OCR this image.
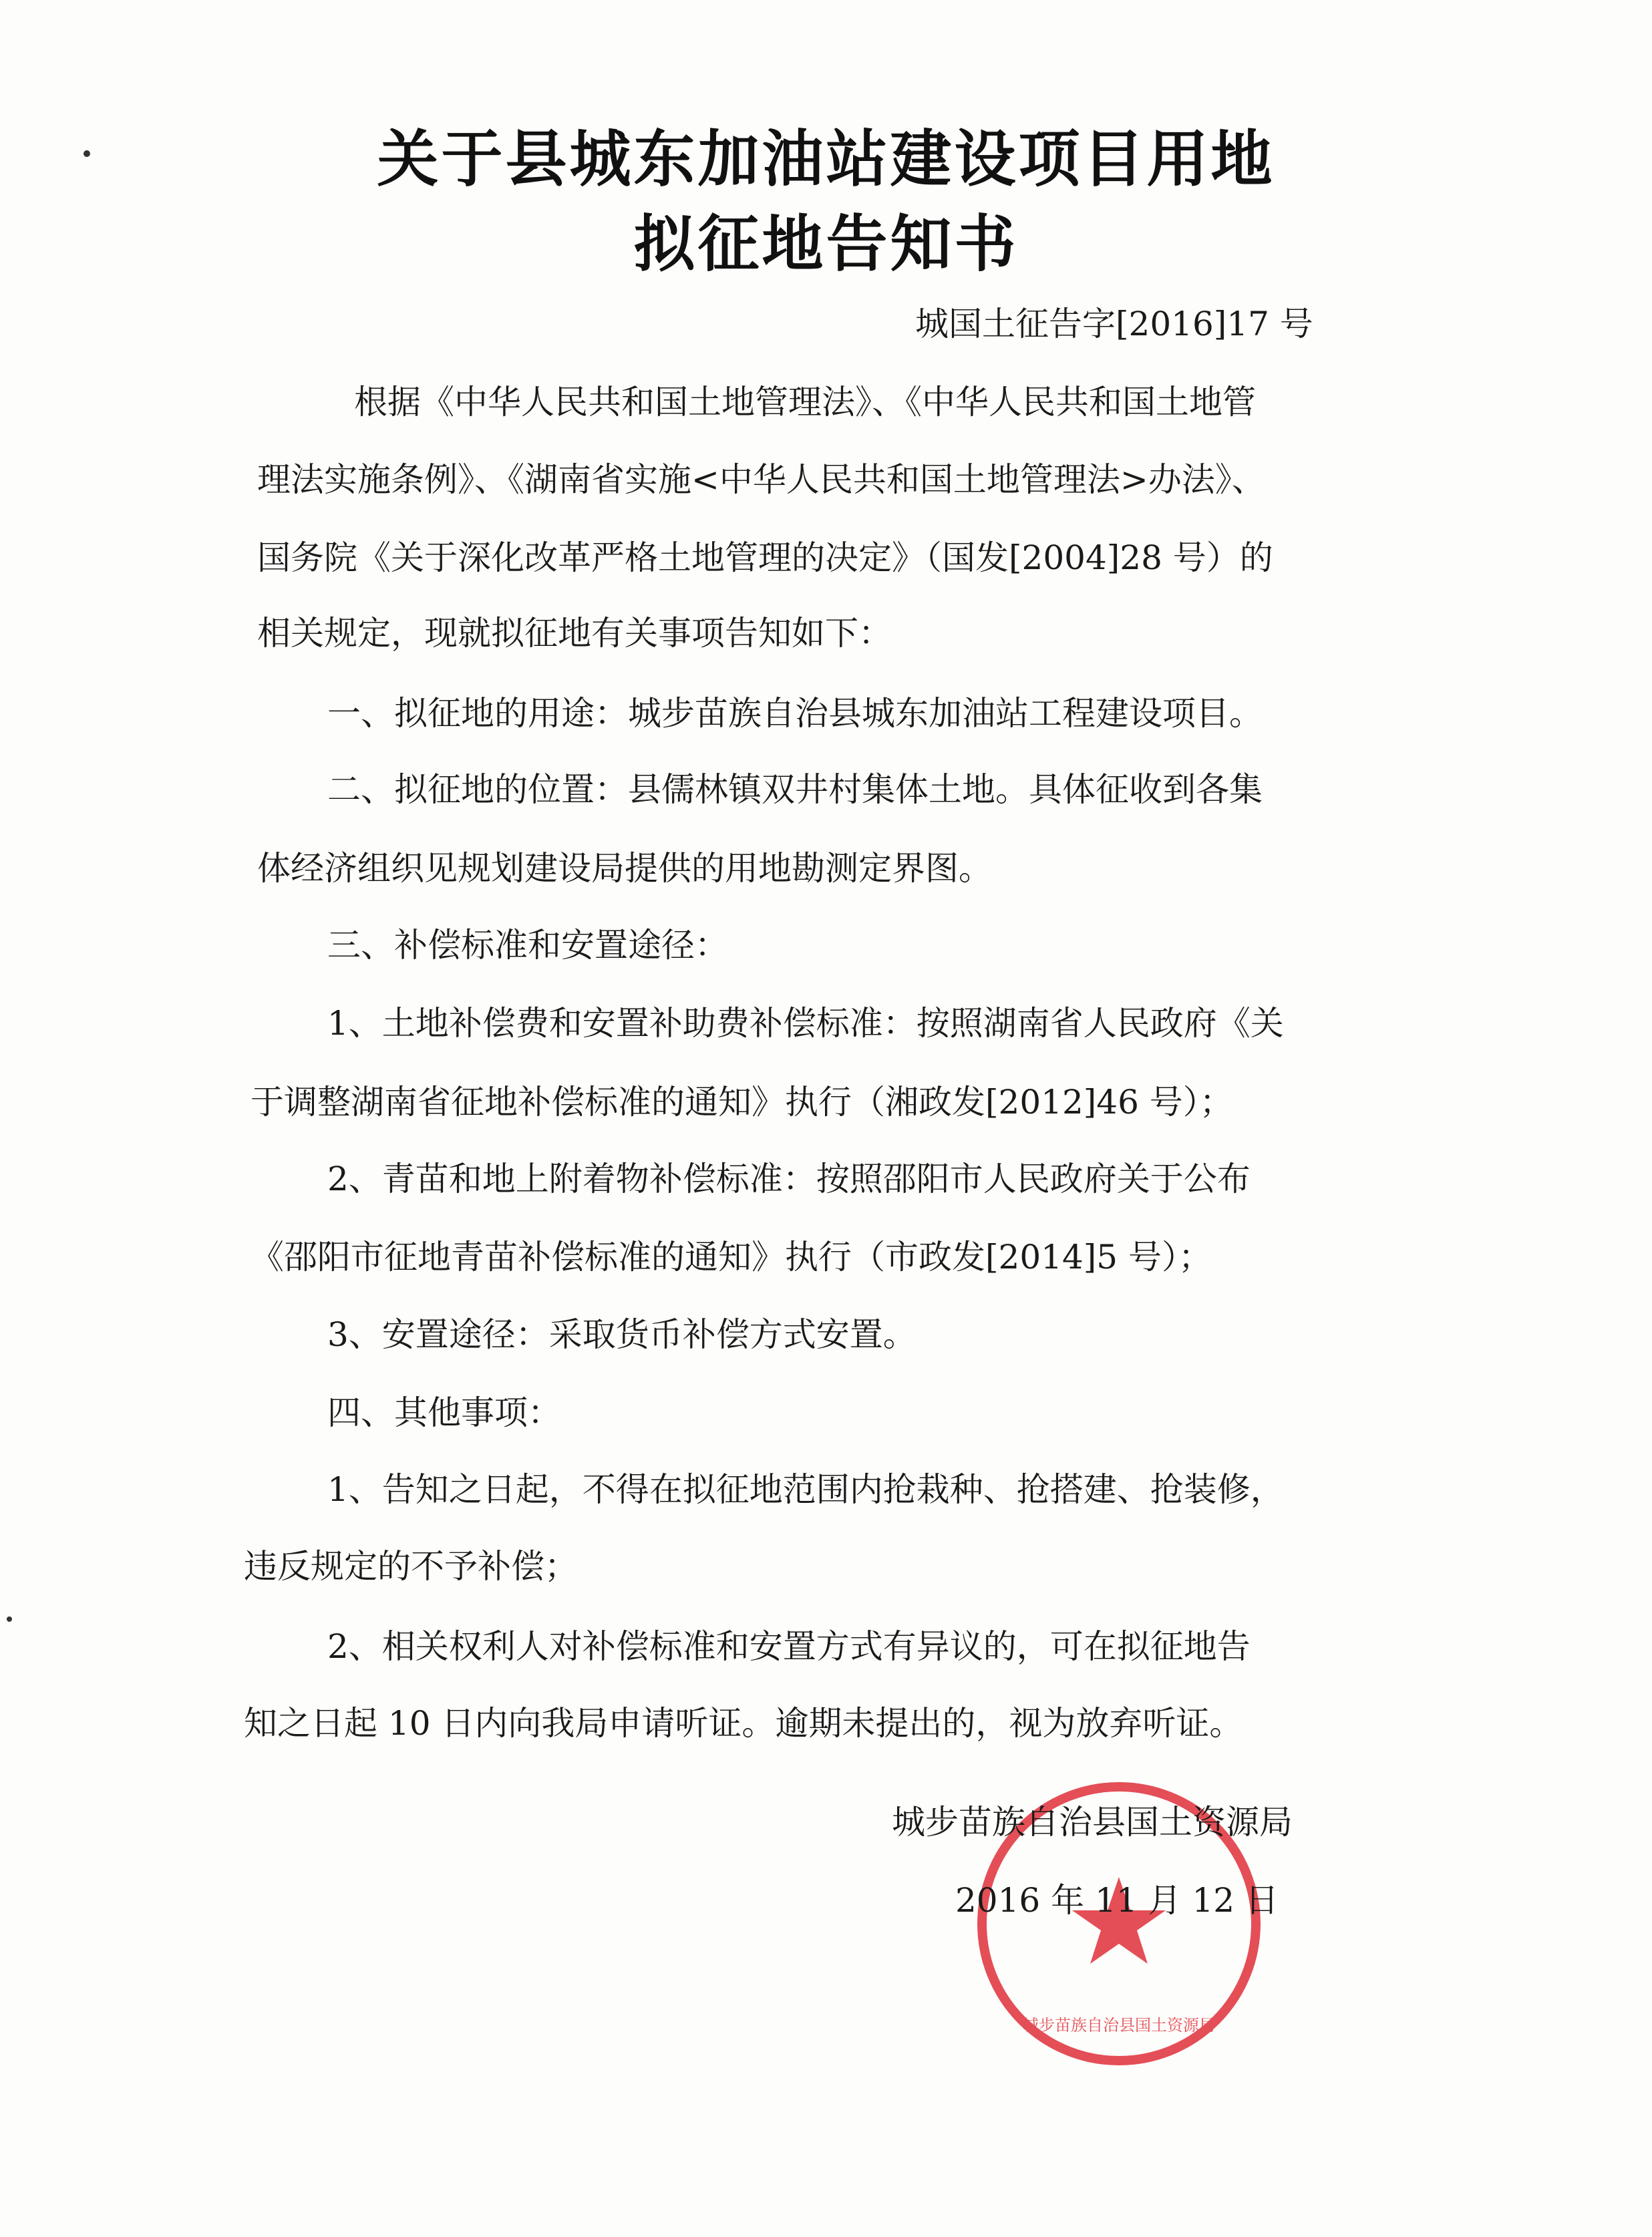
关于县城东加油站建设项目用地
拟征地告知书
城国土征告字[2016]17 号
根据《中华人民共和国土地管理法》、《中华人民共和国土地管
理法实施条例》、《湖南省实施<中华人民共和国土地管理法>办法》、
国务院《关于深化改革严格土地管理的决定》（国发[2004]28 号）的
相关规定，现就拟征地有关事项告知如下：
一、拟征地的用途：城步苗族自治县城东加油站工程建设项目。
二、拟征地的位置：县儒林镇双井村集体土地。具体征收到各集
体经济组织见规划建设局提供的用地勘测定界图。
三、补偿标准和安置途径：
1、土地补偿费和安置补助费补偿标准：按照湖南省人民政府《关
于调整湖南省征地补偿标准的通知》执行（湘政发[2012]46 号）；
2、青苗和地上附着物补偿标准：按照邵阳市人民政府关于公布
《邵阳市征地青苗补偿标准的通知》执行（市政发[2014]5 号）；
3、安置途径：采取货币补偿方式安置。
四、其他事项：
1、告知之日起，不得在拟征地范围内抢栽种、抢搭建、抢装修，
违反规定的不予补偿；
2、相关权利人对补偿标准和安置方式有异议的，可在拟征地告
知之日起 10 日内向我局申请听证。逾期未提出的，视为放弃听证。
城步苗族自治县国土资源局
城步苗族自治县国土资源局
2016 年 11 月 12 日
